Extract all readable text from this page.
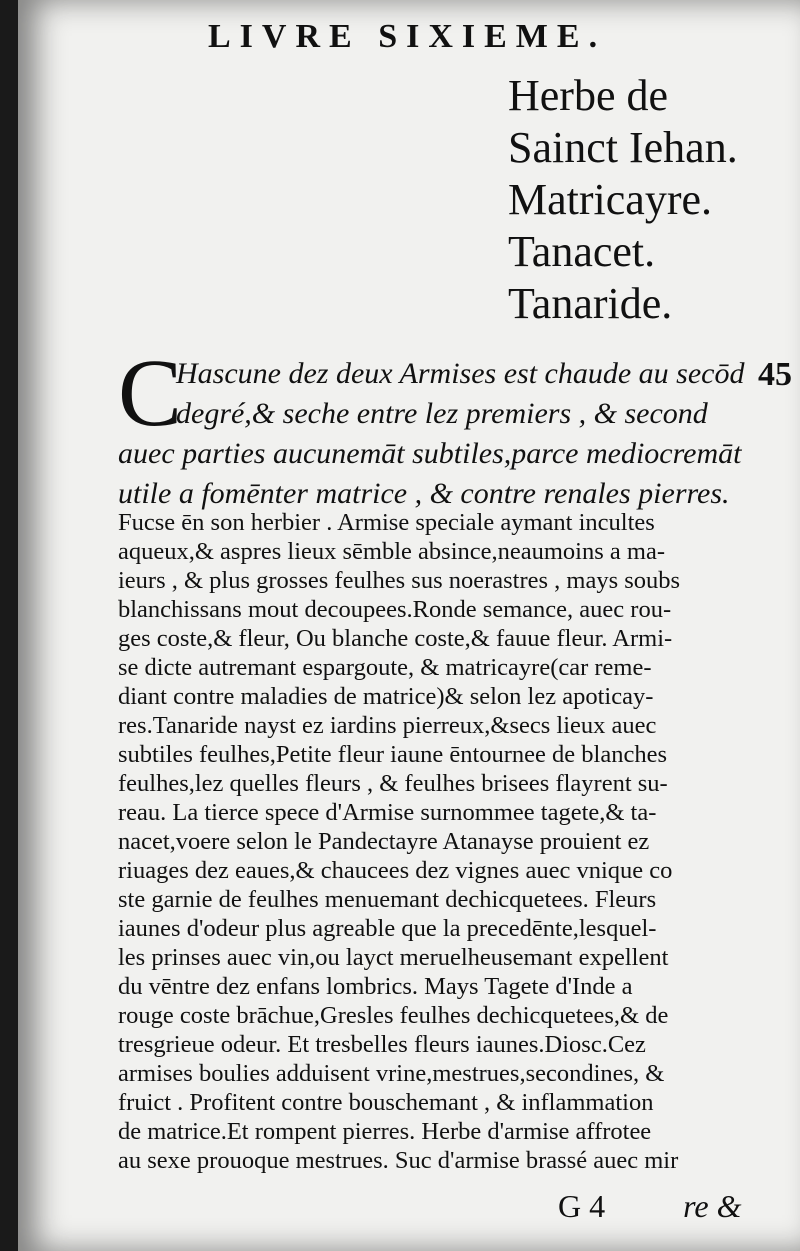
LIVRE SIXIEME.
Herbe de
Sainct Iehan.
Matricayre.
Tanacet.
Tanaride.
45
C
Hascune dez deux Armises est chaude au secōd
degré,& seche entre lez premiers , & second
auec parties aucunemāt subtiles,parce mediocremāt
utile a fomēnter matrice , & contre renales pierres.
Fucse ēn son herbier . Armise speciale aymant incultes
aqueux,& aspres lieux sēmble absince,neaumoins a ma-
ieurs , & plus grosses feulhes sus noerastres , mays soubs
blanchissans mout decoupees.Ronde semance, auec rou-
ges coste,& fleur, Ou blanche coste,& fauue fleur. Armi-
se dicte autremant espargoute, & matricayre(car reme-
diant contre maladies de matrice)& selon lez apoticay-
res.Tanaride nayst ez iardins pierreux,&secs lieux auec
subtiles feulhes,Petite fleur iaune ēntournee de blanches
feulhes,lez quelles fleurs , & feulhes brisees flayrent su-
reau. La tierce spece d'Armise surnommee tagete,& ta-
nacet,voere selon le Pandectayre Atanayse prouient ez
riuages dez eaues,& chaucees dez vignes auec vnique co
ste garnie de feulhes menuemant dechicquetees. Fleurs
iaunes d'odeur plus agreable que la precedēnte,lesquel-
les prinses auec vin,ou layct meruelheusemant expellent
du vēntre dez enfans lombrics. Mays Tagete d'Inde a
rouge coste brāchue,Gresles feulhes dechicquetees,& de
tresgrieue odeur. Et tresbelles fleurs iaunes.Diosc.Cez
armises boulies adduisent vrine,mestrues,secondines, &
fruict . Profitent contre bouschemant , & inflammation
de matrice.Et rompent pierres. Herbe d'armise affrotee
au sexe prouoque mestrues. Suc d'armise brassé auec mir
G 4 re &
